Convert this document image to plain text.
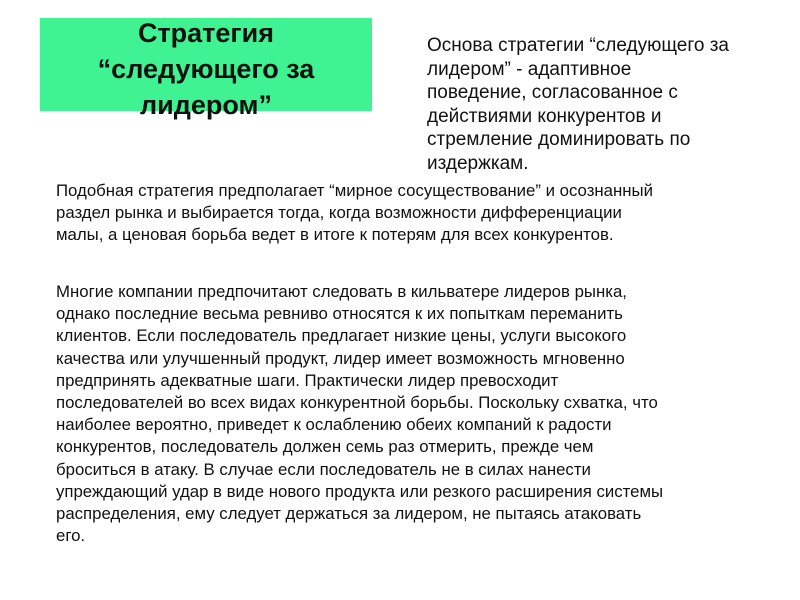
Стратегия
“следующего за
лидером”

Основа стратегии “следующего за
лидером” - адаптивное
поведение, согласованное с
действиями конкурентов и
стремление доминировать по
издержкам.

Подобная стратегия предполагает “мирное сосуществование” и осознанный
раздел рынка и выбирается тогда, когда возможности дифференциации
малы, а ценовая борьба ведет в итоге к потерям для всех конкурентов.

Многие компании предпочитают следовать в кильватере лидеров рынка,
однако последние весьма ревниво относятся к их попыткам переманить
клиентов. Если последователь предлагает низкие цены, услуги высокого
качества или улучшенный продукт, лидер имеет возможность мгновенно
предпринять адекватные шаги. Практически лидер превосходит
последователей во всех видах конкурентной борьбы. Поскольку схватка, что
наиболее вероятно, приведет к ослаблению обеих компаний к радости
конкурентов, последователь должен семь раз отмерить, прежде чем
броситься в атаку. В случае если последователь не в силах нанести
упреждающий удар в виде нового продукта или резкого расширения системы
распределения, ему следует держаться за лидером, не пытаясь атаковать
его.
